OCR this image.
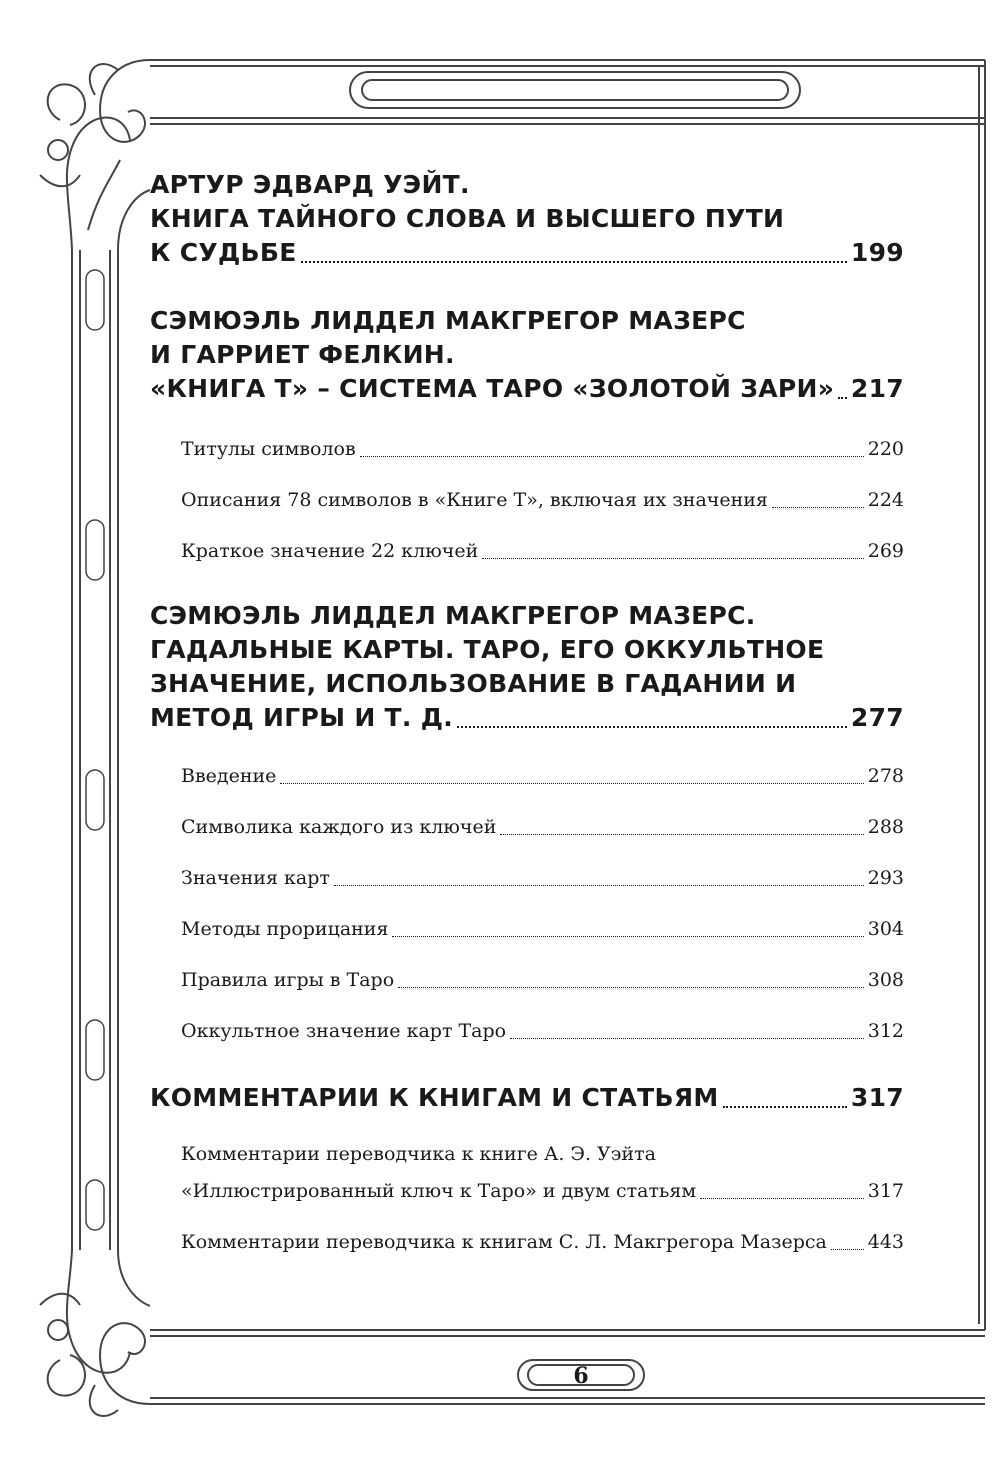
АРТУР ЭДВАРД УЭЙТ.
КНИГА ТАЙНОГО СЛОВА И ВЫСШЕГО ПУТИ
К СУДЬБЕ	199
СЭМЮЭЛЬ ЛИДДЕЛ МАКГРЕГОР МАЗЕРС
И ГАРРИЕТ ФЕЛКИН.
«КНИГА Т» – СИСТЕМА ТАРО «ЗОЛОТОЙ ЗАРИ» 217
Титулы символов	220
Описания 78 символов в «Книге Т», включая их значения	224
Краткое значение 22 ключей	269
СЭМЮЭЛЬ ЛИДДЕЛ МАКГРЕГОР МАЗЕРС.
ГАДАЛЬНЫЕ КАРТЫ. ТАРО, ЕГО ОККУЛЬТНОЕ
ЗНАЧЕНИЕ, ИСПОЛЬЗОВАНИЕ В ГАДАНИИ И
МЕТОД ИГРЫ И Т. Д.	277
Введение	278
Символика каждого из ключей	288
Значения карт	293
Методы прорицания	304
Правила игры в Таро	308
Оккультное значение карт Таро	312
КОММЕНТАРИИ К КНИГАМ И СТАТЬЯМ	317
Комментарии переводчика к книге А. Э. Уэйта
«Иллюстрированный ключ к Таро» и двум статьям	317
Комментарии переводчика к книгам С. Л. Макгрегора Мазерса 443
6
